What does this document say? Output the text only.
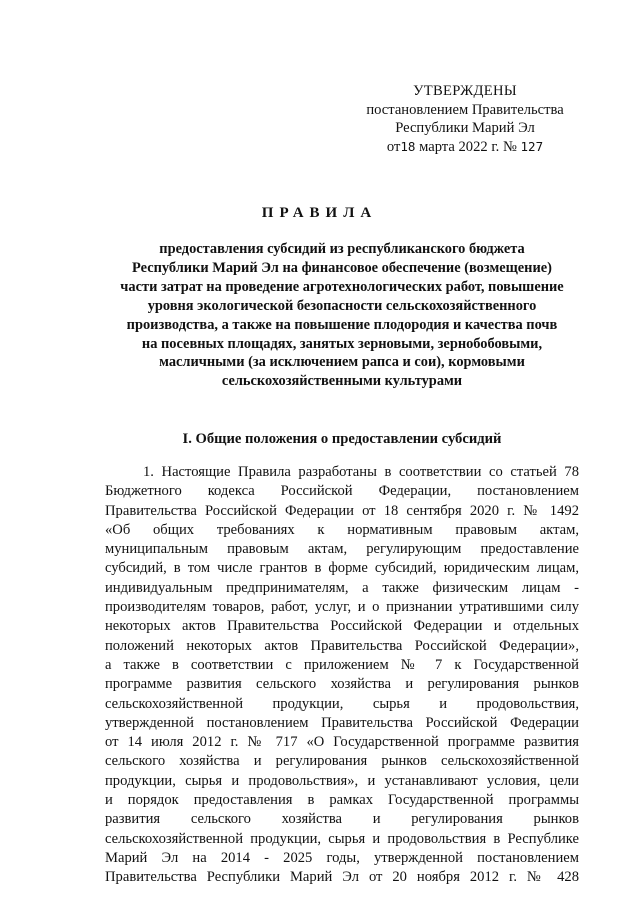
УТВЕРЖДЕНЫ
постановлением Правительства
Республики Марий Эл
от18 марта 2022 г. № 127
ПРАВИЛА
предоставления субсидий из республиканского бюджета
Республики Марий Эл на финансовое обеспечение (возмещение)
части затрат на проведение агротехнологических работ, повышение
уровня экологической безопасности сельскохозяйственного
производства, а также на повышение плодородия и качества почв
на посевных площадях, занятых зерновыми, зернобобовыми,
масличными (за исключением рапса и сои), кормовыми
сельскохозяйственными культурами
I. Общие положения о предоставлении субсидий
1. Настоящие Правила разработаны в соответствии со статьей 78
Бюджетного кодекса Российской Федерации, постановлением
Правительства Российской Федерации от 18 сентября 2020 г. № 1492
«Об общих требованиях к нормативным правовым актам,
муниципальным правовым актам, регулирующим предоставление
субсидий, в том числе грантов в форме субсидий, юридическим лицам,
индивидуальным предпринимателям, а также физическим лицам -
производителям товаров, работ, услуг, и о признании утратившими силу
некоторых актов Правительства Российской Федерации и отдельных
положений некоторых актов Правительства Российской Федерации»,
а также в соответствии с приложением № 7 к Государственной
программе развития сельского хозяйства и регулирования рынков
сельскохозяйственной продукции, сырья и продовольствия,
утвержденной постановлением Правительства Российской Федерации
от 14 июля 2012 г. № 717 «О Государственной программе развития
сельского хозяйства и регулирования рынков сельскохозяйственной
продукции, сырья и продовольствия», и устанавливают условия, цели
и порядок предоставления в рамках Государственной программы
развития сельского хозяйства и регулирования рынков
сельскохозяйственной продукции, сырья и продовольствия в Республике
Марий Эл на 2014 - 2025 годы, утвержденной постановлением
Правительства Республики Марий Эл от 20 ноября 2012 г. № 428
